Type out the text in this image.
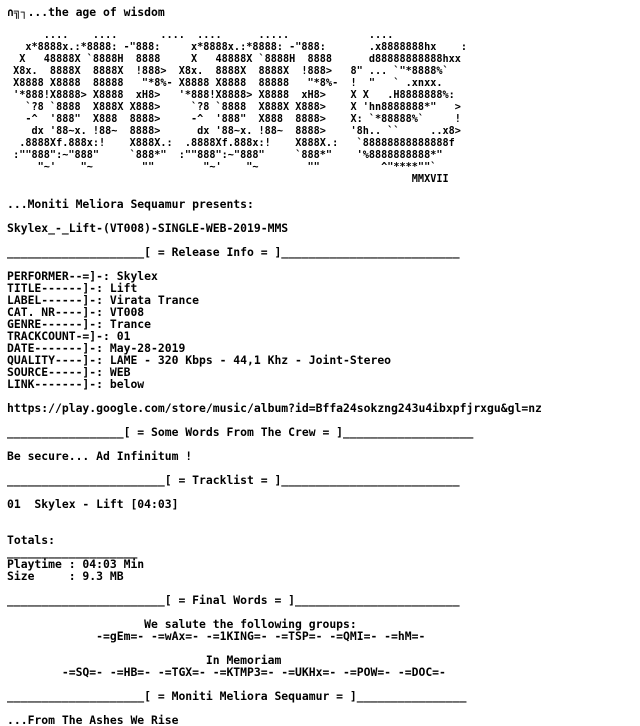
∩╗┐...the age of wisdom
....    ....       ....  ....      .....             ....
x*8888x.:*8888: -"888:     x*8888x.:*8888: -"888:       .x8888888hx    :
X   48888X `8888H  8888     X   48888X `8888H  8888      d88888888888hxx
X8x.  8888X  8888X  !888>  X8x.  8888X  8888X  !888>   8" ... `"*8888%`
X8888 X8888  88888   "*8%- X8888 X8888  88888   "*8%-  !  "   ` .xnxx.
'*888!X8888> X8888  xH8>   '*888!X8888> X8888  xH8>    X X   .H8888888%:
`?8 `8888  X888X X888>     `?8 `8888  X888X X888>    X 'hn8888888*"   >
-^  '888"  X888  8888>     -^  '888"  X888  8888>    X: `*88888%`     !
dx '88~x. !88~  8888>      dx '88~x. !88~  8888>    '8h.. ``     ..x8>
.8888Xf.888x:!    X888X.:  .8888Xf.888x:!    X888X.:   `88888888888888f
:""888":~"888"     `888*"  :""888":~"888"     `888*"    '%8888888888*"
"~'    "~        ""        "~'    "~        ""          ^"****""`
MMXVII
...Moniti Meliora Sequamur presents:
Skylex_-_Lift-(VT008)-SINGLE-WEB-2019-MMS
____________________[ = Release Info = ]__________________________
PERFORMER--=]-: Skylex
TITLE------]-: Lift
LABEL------]-: Virata Trance
CAT. NR----]-: VT008
GENRE------]-: Trance
TRACKCOUNT-=]-: 01
DATE-------]-: May-28-2019
QUALITY----]-: LAME - 320 Kbps - 44,1 Khz - Joint-Stereo
SOURCE-----]-: WEB
LINK-------]-: below
https://play.google.com/store/music/album?id=Bffa24sokzng243u4ibxpfjrxgu&gl=nz
_________________[ = Some Words From The Crew = ]___________________
Be secure... Ad Infinitum !
_______________________[ = Tracklist = ]__________________________
01  Skylex - Lift [04:03]
Totals:
___________________
Playtime : 04:03 Min
Size     : 9.3 MB
_______________________[ = Final Words = ]________________________
We salute the following groups:
-=gEm=- -=wAx=- -=1KING=- -=TSP=- -=QMI=- -=hM=-
In Memoriam
-=SQ=- -=HB=- -=TGX=- -=KTMP3=- -=UKHx=- -=POW=- -=DOC=-
____________________[ = Moniti Meliora Sequamur = ]________________
...From The Ashes We Rise
